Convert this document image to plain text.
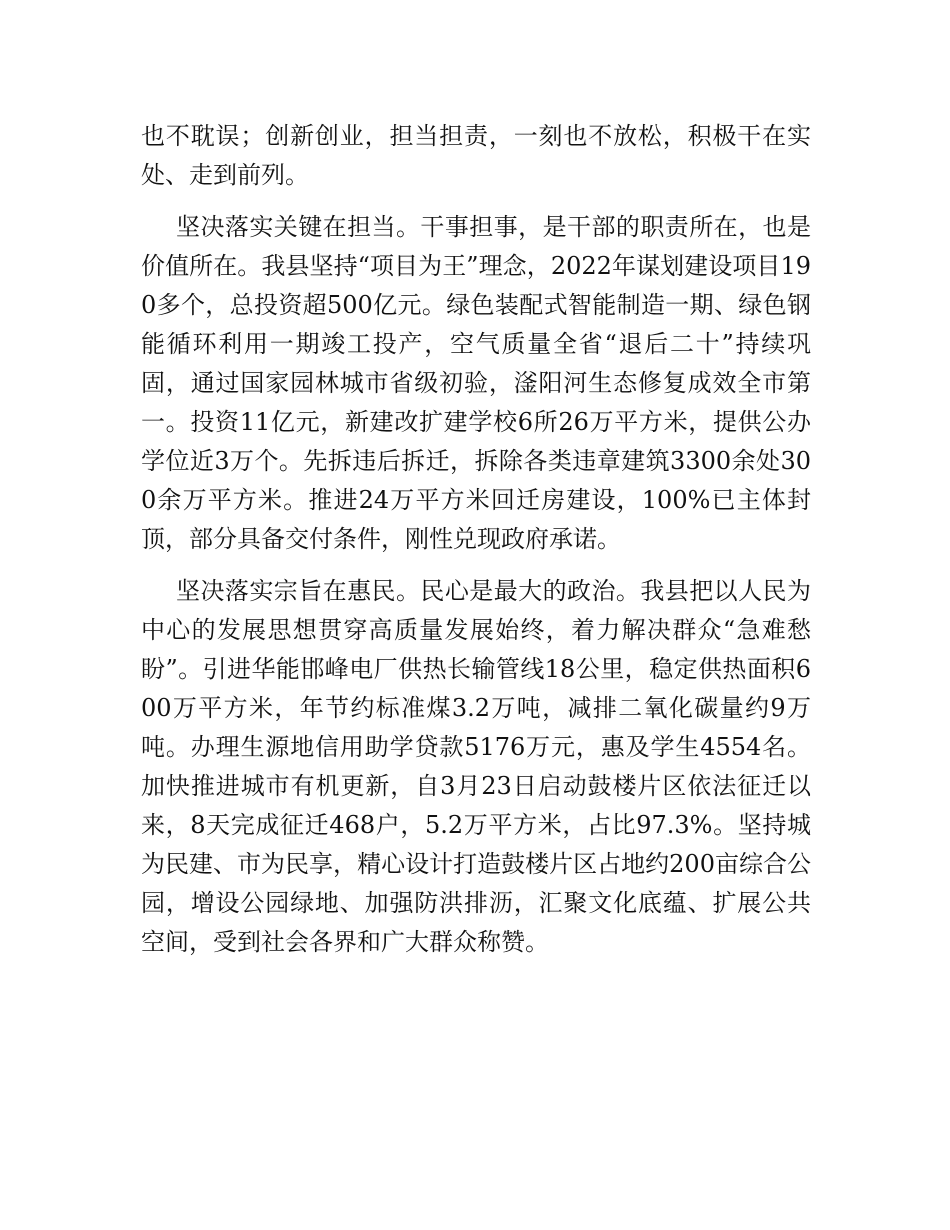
也不耽误；创新创业，担当担责，一刻也不放松，积极干在实处、走到前列。

坚决落实关键在担当。干事担事，是干部的职责所在，也是价值所在。我县坚持“项目为王”理念，2022年谋划建设项目190多个，总投资超500亿元。绿色装配式智能制造一期、绿色钢能循环利用一期竣工投产，空气质量全省“退后二十”持续巩固，通过国家园林城市省级初验，滏阳河生态修复成效全市第一。投资11亿元，新建改扩建学校6所26万平方米，提供公办学位近3万个。先拆违后拆迁，拆除各类违章建筑3300余处300余万平方米。推进24万平方米回迁房建设，100%已主体封顶，部分具备交付条件，刚性兑现政府承诺。

坚决落实宗旨在惠民。民心是最大的政治。我县把以人民为中心的发展思想贯穿高质量发展始终，着力解决群众“急难愁盼”。引进华能邯峰电厂供热长输管线18公里，稳定供热面积600万平方米，年节约标准煤3.2万吨，减排二氧化碳量约9万吨。办理生源地信用助学贷款5176万元，惠及学生4554名。加快推进城市有机更新，自3月23日启动鼓楼片区依法征迁以来，8天完成征迁468户，5.2万平方米，占比97.3%。坚持城为民建、市为民享，精心设计打造鼓楼片区占地约200亩综合公园，增设公园绿地、加强防洪排沥，汇聚文化底蕴、扩展公共空间，受到社会各界和广大群众称赞。
